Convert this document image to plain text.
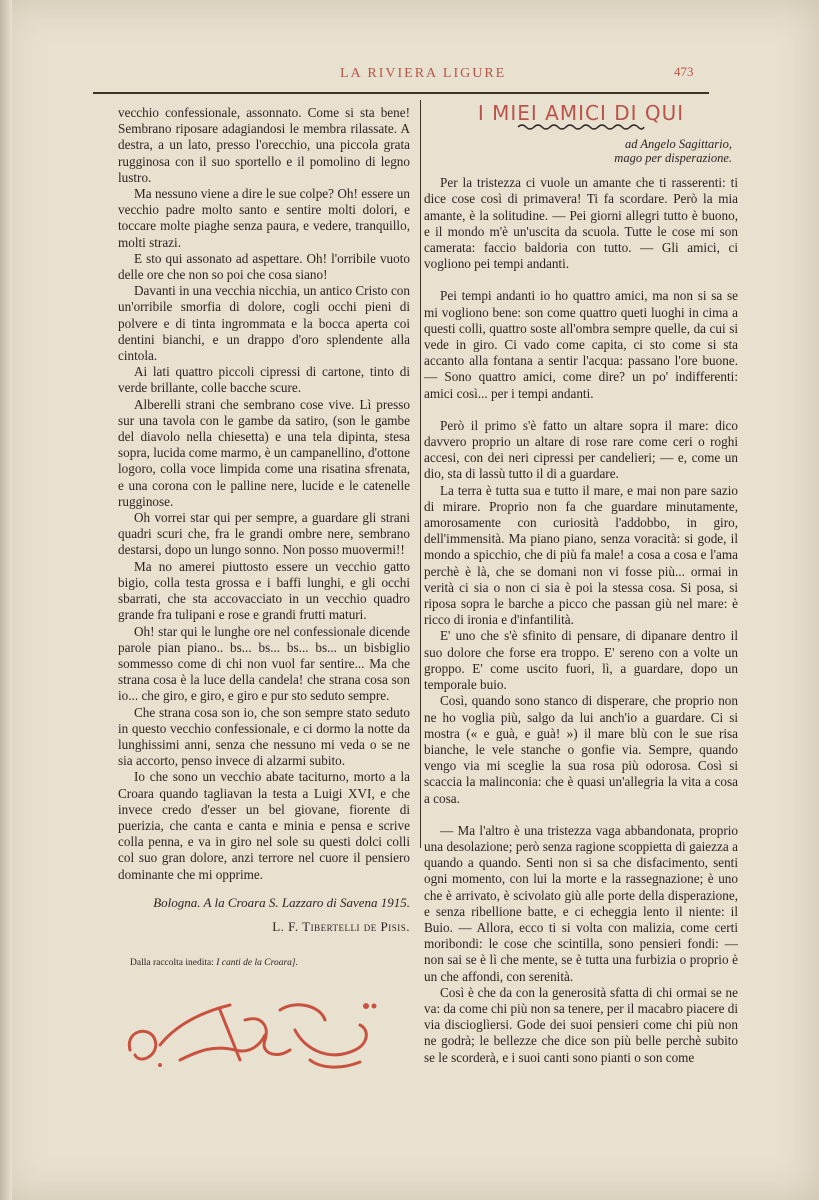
LA RIVIERA LIGURE	473

vecchio confessionale, assonnato. Come si sta bene! Sembrano riposare adagiandosi le membra rilassate. A destra, a un lato, presso l'orecchio, una piccola grata rugginosa con il suo sportello e il pomolino di legno lustro.

Ma nessuno viene a dire le sue colpe? Oh! essere un vecchio padre molto santo e sentire molti dolori, e toccare molte piaghe senza paura, e vedere, tranquillo, molti strazi.

E sto qui assonato ad aspettare. Oh! l'orribile vuoto delle ore che non so poi che cosa siano!

Davanti in una vecchia nicchia, un antico Cristo con un'orribile smorfia di dolore, cogli occhi pieni di polvere e di tinta ingrommata e la bocca aperta coi dentini bianchi, e un drappo d'oro splendente alla cintola.

Ai lati quattro piccoli cipressi di cartone, tinto di verde brillante, colle bacche scure.

Alberelli strani che sembrano cose vive. Lì presso sur una tavola con le gambe da satiro, (son le gambe del diavolo nella chiesetta) e una tela dipinta, stesa sopra, lucida come marmo, è un campanellino, d'ottone logoro, colla voce limpida come una risatina sfrenata, e una corona con le palline nere, lucide e le catenelle rugginose.

Oh vorrei star qui per sempre, a guardare gli strani quadri scuri che, fra le grandi ombre nere, sembrano destarsi, dopo un lungo sonno. Non posso muovermi!!

Ma no amerei piuttosto essere un vecchio gatto bigio, colla testa grossa e i baffi lunghi, e gli occhi sbarrati, che sta accovacciato in un vecchio quadro grande fra tulipani e rose e grandi frutti maturi.

Oh! star qui le lunghe ore nel confessionale dicende parole pian piano.. bs... bs... bs... bs... un bisbiglio sommesso come di chi non vuol far sentire... Ma che strana cosa è la luce della candela! che strana cosa son io... che giro, e giro, e giro e pur sto seduto sempre.

Che strana cosa son io, che son sempre stato seduto in questo vecchio confessionale, e ci dormo la notte da lunghissimi anni, senza che nessuno mi veda o se ne sia accorto, penso invece di alzarmi subito.

Io che sono un vecchio abate taciturno, morto a la Croara quando tagliavan la testa a Luigi XVI, e che invece credo d'esser un bel giovane, fiorente di puerizia, che canta e canta e minia e pensa e scrive colla penna, e va in giro nel sole su questi dolci colli col suo gran dolore, anzi terrore nel cuore il pensiero dominante che mi opprime.

Bologna. A la Croara S. Lazzaro di Savena 1915.
L. F. Tibertelli de Pisis.
Dalla raccolta inedita: I canti de la Croara].
I MIEI AMICI DI QUI
ad Angelo Sagittario,
mago per disperazione.

Per la tristezza ci vuole un amante che ti rasserenti: ti dice cose così di primavera! Ti fa scordare. Però la mia amante, è la solitudine. — Pei giorni allegri tutto è buono, e il mondo m'è un'uscita da scuola. Tutte le cose mi son camerata: faccio baldoria con tutto. — Gli amici, ci vogliono pei tempi andanti.

Pei tempi andanti io ho quattro amici, ma non si sa se mi vogliono bene: son come quattro queti luoghi in cima a questi colli, quattro soste all'ombra sempre quelle, da cui si vede in giro. Ci vado come capita, ci sto come si sta accanto alla fontana a sentir l'acqua: passano l'ore buone. — Sono quattro amici, come dire? un po' indifferenti: amici così... per i tempi andanti.

Però il primo s'è fatto un altare sopra il mare: dico davvero proprio un altare di rose rare come ceri o roghi accesi, con dei neri cipressi per candelieri; — e, come un dio, sta di lassù tutto il di a guardare.

La terra è tutta sua e tutto il mare, e mai non pare sazio di mirare. Proprio non fa che guardare minutamente, amorosamente con curiosità l'addobbo, in giro, dell'immensità. Ma piano piano, senza voracità: si gode, il mondo a spicchio, che di più fa male! a cosa a cosa e l'ama perchè è là, che se domani non vi fosse più... ormai in verità ci sia o non ci sia è poi la stessa cosa. Si posa, si riposa sopra le barche a picco che passan giù nel mare: è ricco di ironia e d'infantilità.

E' uno che s'è sfinito di pensare, di dipanare dentro il suo dolore che forse era troppo. E' sereno con a volte un groppo. E' come uscito fuori, lì, a guardare, dopo un temporale buio.

Così, quando sono stanco di disperare, che proprio non ne ho voglia più, salgo da lui anch'io a guardare. Ci si mostra (« e guà, e guà! ») il mare blù con le sue risa bianche, le vele stanche o gonfie via. Sempre, quando vengo via mi sceglie la sua rosa più odorosa. Così si scaccia la malinconia: che è quasi un'allegria la vita a cosa a cosa.

— Ma l'altro è una tristezza vaga abbandonata, proprio una desolazione; però senza ragione scoppietta di gaiezza a quando a quando. Senti non si sa che disfacimento, senti ogni momento, con lui la morte e la rassegnazione; è uno che è arrivato, è scivolato giù alle porte della disperazione, e senza ribellione batte, e ci echeggia lento il niente: il Buio. — Allora, ecco ti si volta con malizia, come certi moribondi: le cose che scintilla, sono pensieri fondi: — non sai se è lì che mente, se è tutta una furbizia o proprio è un che affondi, con serenità.

Così è che da con la generosità sfatta di chi ormai se ne va: da come chi più non sa tenere, per il macabro piacere di via discioglìersi. Gode dei suoi pensieri come chi più non ne godrà; le bellezze che dice son più belle perchè subito se le scorderà, e i suoi canti sono pianti o son come
